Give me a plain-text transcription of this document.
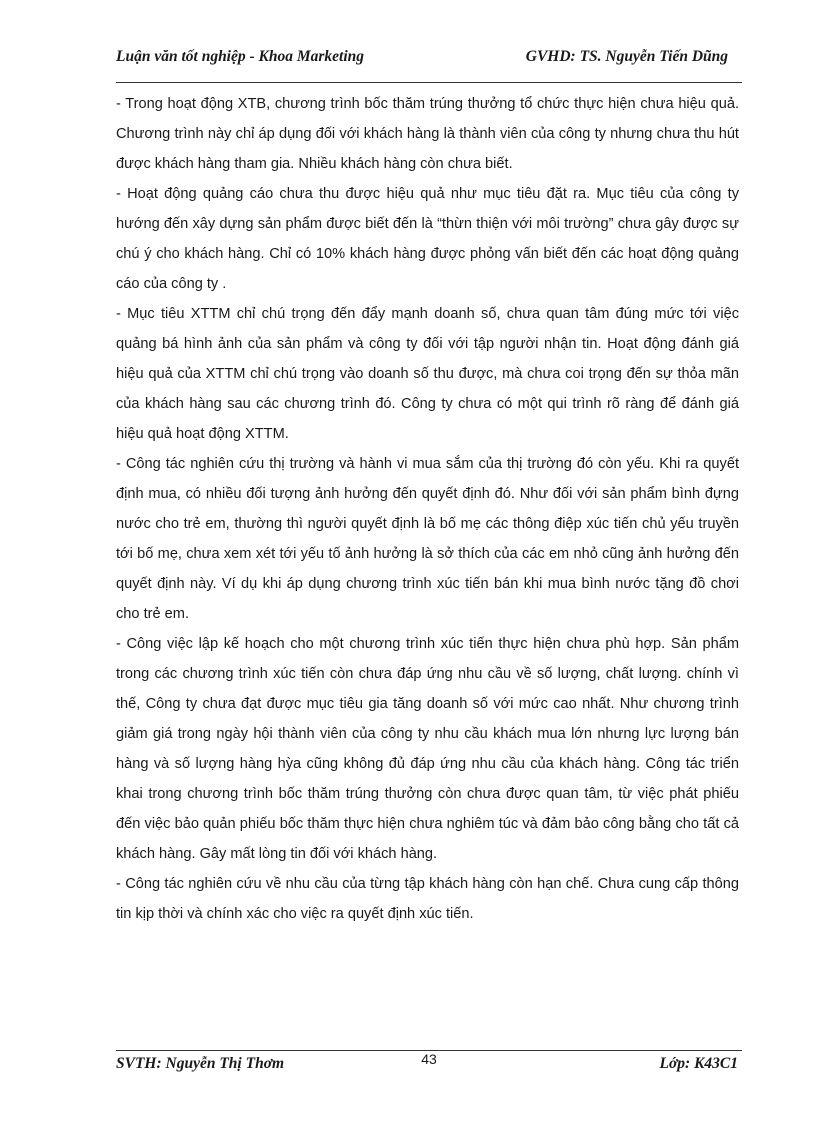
Luận văn tốt nghiệp - Khoa Marketing	GVHD: TS. Nguyễn Tiến Dũng

- Trong hoạt động XTB, chương trình bốc thăm trúng thưởng tổ chức thực hiện chưa hiệu quả. Chương trình này chỉ áp dụng đối với khách hàng là thành viên của công ty nhưng chưa thu hút được khách hàng tham gia. Nhiều khách hàng còn chưa biết.

- Hoạt động quảng cáo chưa thu được hiệu quả như mục tiêu đặt ra. Mục tiêu của công ty hướng đến xây dựng sản phẩm được biết đến là “thừn thiện với môi trường” chưa gây được sự chú ý cho khách hàng. Chỉ có 10% khách hàng được phỏng vấn biết đến các hoạt động quảng cáo của công ty .

- Mục tiêu XTTM chỉ chú trọng đến đẩy mạnh doanh số, chưa quan tâm đúng mức tới việc quảng bá hình ảnh của sản phẩm và công ty đối với tập người nhận tin. Hoạt động đánh giá hiệu quả của XTTM chỉ chú trọng vào doanh số thu được, mà chưa coi trọng đến sự thỏa mãn của khách hàng sau các chương trình đó. Công ty chưa có một qui trình rõ ràng để đánh giá hiệu quả hoạt động XTTM.

- Công tác nghiên cứu thị trường và hành vi mua sắm của thị trường đó còn yếu. Khi ra quyết định mua, có nhiều đối tượng ảnh hưởng đến quyết định đó. Như đối với sản phẩm bình đựng nước cho trẻ em, thường thì người quyết định là bố mẹ các thông điệp xúc tiến chủ yếu truyền tới bố mẹ, chưa xem xét tới yếu tố ảnh hưởng là sở thích của các em nhỏ cũng ảnh hưởng đến quyết định này. Ví dụ khi áp dụng chương trình xúc tiến bán khi mua bình nước tặng đồ chơi cho trẻ em.

- Công việc lập kế hoạch cho một chương trình xúc tiến thực hiện chưa phù hợp. Sản phẩm trong các chương trình xúc tiến còn chưa đáp ứng nhu cầu về số lượng, chất lượng. chính vì thế, Công ty chưa đạt được mục tiêu gia tăng doanh số với mức cao nhất. Như chương trình giảm giá trong ngày hội thành viên của công ty nhu cầu khách mua lớn nhưng lực lượng bán hàng và số lượng hàng hỳa cũng không đủ đáp ứng nhu cầu của khách hàng. Công tác triển khai trong chương trình bốc thăm trúng thưởng còn chưa được quan tâm, từ việc phát phiếu đến việc bảo quản phiếu bốc thăm thực hiện chưa nghiêm túc và đảm bảo công bằng cho tất cả khách hàng. Gây mất lòng tin đối với khách hàng.

- Công tác nghiên cứu về nhu cầu của từng tập khách hàng còn hạn chế. Chưa cung cấp thông tin kịp thời và chính xác cho việc ra quyết định xúc tiến.

SVTH: Nguyễn Thị Thơm	43	Lớp: K43C1
